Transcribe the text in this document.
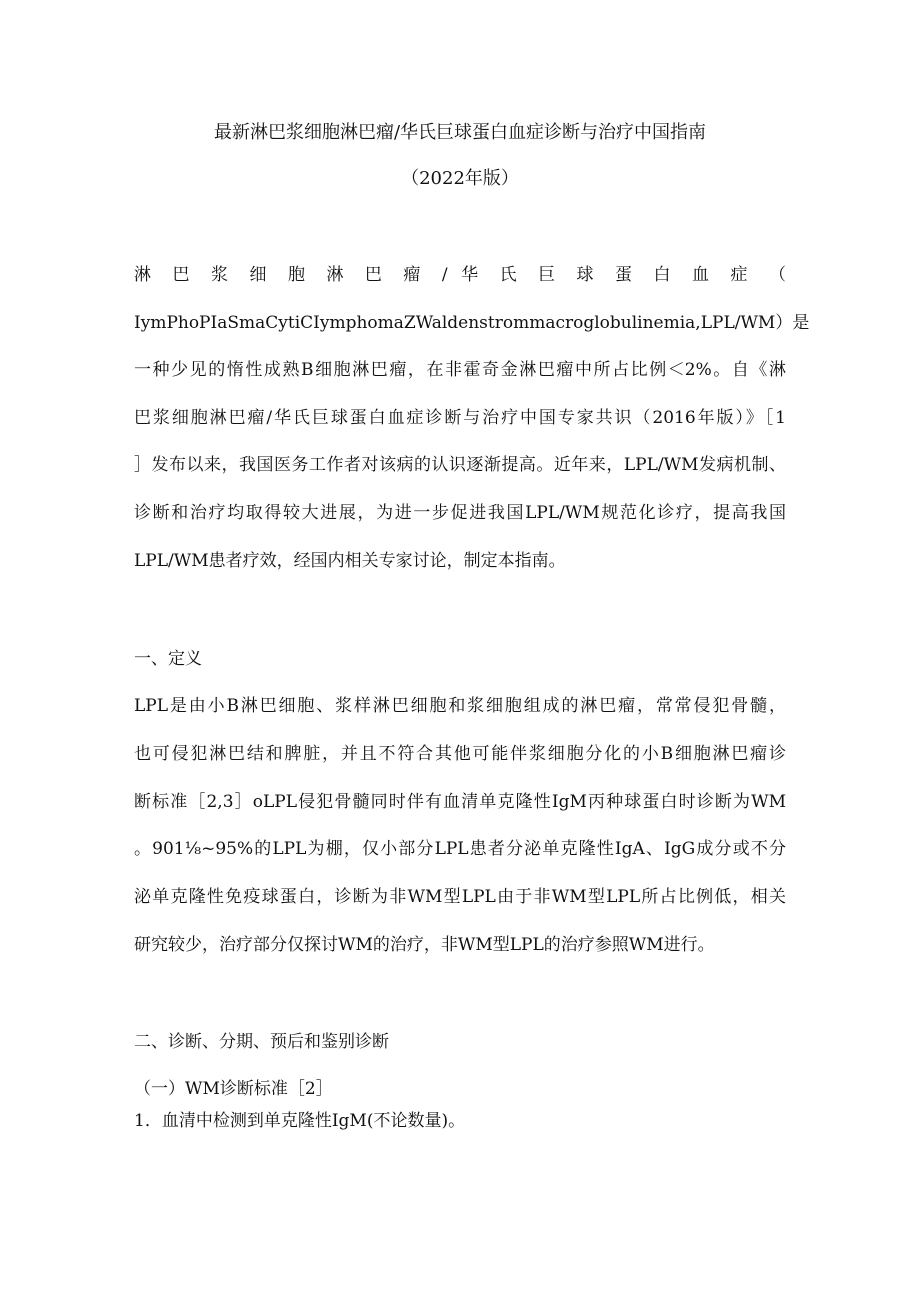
最新淋巴浆细胞淋巴瘤/华氏巨球蛋白血症诊断与治疗中国指南
（2022年版）
淋 巴 浆 细 胞 淋 巴 瘤 / 华 氏 巨 球 蛋 白 血 症 （
IymPhoPIaSmaCytiCIymphomaZWaldenstrommacroglobulinemia,LPL/WM）是
一种少见的惰性成熟B细胞淋巴瘤，在非霍奇金淋巴瘤中所占比例＜2%。自《淋
巴浆细胞淋巴瘤/华氏巨球蛋白血症诊断与治疗中国专家共识（2016年版）》［1
］发布以来，我国医务工作者对该病的认识逐渐提高。近年来，LPL/WM发病机制、
诊断和治疗均取得较大进展，为进一步促进我国LPL/WM规范化诊疗，提高我国
LPL/WM患者疗效，经国内相关专家讨论，制定本指南。
一、定义
LPL是由小B淋巴细胞、浆样淋巴细胞和浆细胞组成的淋巴瘤，常常侵犯骨髓，
也可侵犯淋巴结和脾脏，并且不符合其他可能伴浆细胞分化的小B细胞淋巴瘤诊
断标准［2,3］oLPL侵犯骨髓同时伴有血清单克隆性IgM丙种球蛋白时诊断为WM
。901⅛~95%的LPL为棚，仅小部分LPL患者分泌单克隆性IgA、IgG成分或不分
泌单克隆性免疫球蛋白，诊断为非WM型LPL由于非WM型LPL所占比例低，相关
研究较少，治疗部分仅探讨WM的治疗，非WM型LPL的治疗参照WM进行。
二、诊断、分期、预后和鉴别诊断
（一）WM诊断标准［2］
1．血清中检测到单克隆性IgM(不论数量)。
